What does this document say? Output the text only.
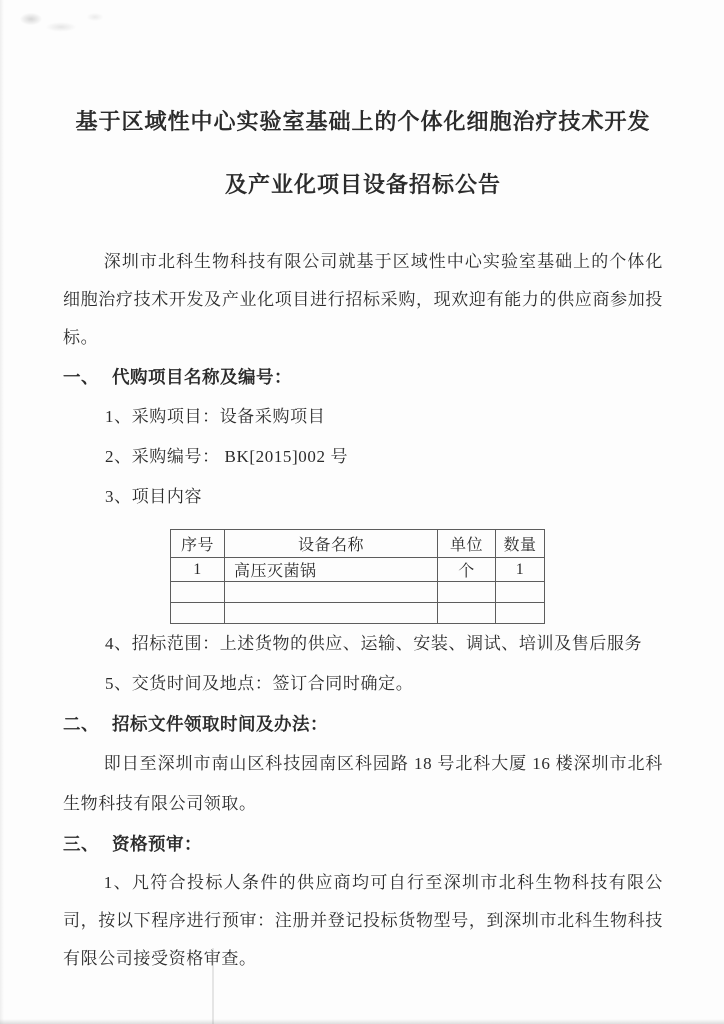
基于区域性中心实验室基础上的个体化细胞治疗技术开发
及产业化项目设备招标公告

深圳市北科生物科技有限公司就基于区域性中心实验室基础上的个体化细胞治疗技术开发及产业化项目进行招标采购，现欢迎有能力的供应商参加投标。

一、 代购项目名称及编号：

1、采购项目：设备采购项目

2、采购编号： BK[2015]002 号

3、项目内容

序号	设备名称	单位	数量
1	高压灭菌锅	个	1

4、招标范围：上述货物的供应、运输、安装、调试、培训及售后服务

5、交货时间及地点：签订合同时确定。

二、 招标文件领取时间及办法：

即日至深圳市南山区科技园南区科园路 18 号北科大厦 16 楼深圳市北科生物科技有限公司领取。

三、 资格预审：

1、凡符合投标人条件的供应商均可自行至深圳市北科生物科技有限公司，按以下程序进行预审：注册并登记投标货物型号，到深圳市北科生物科技有限公司接受资格审查。
